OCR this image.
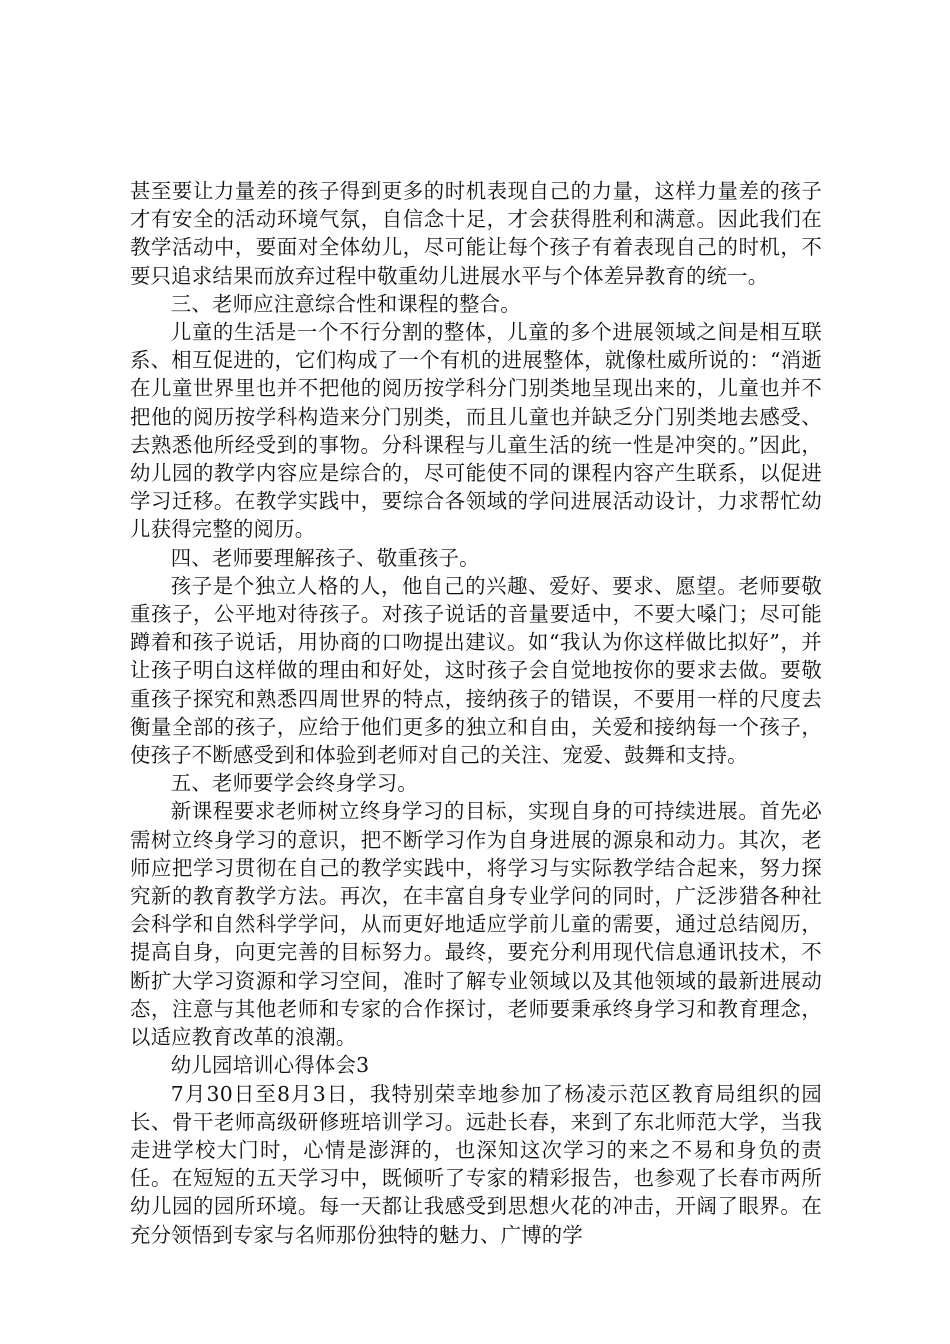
甚至要让力量差的孩子得到更多的时机表现自己的力量，这样力量差的孩子才有安全的活动环境气氛，自信念十足，才会获得胜利和满意。因此我们在教学活动中，要面对全体幼儿，尽可能让每个孩子有着表现自己的时机，不要只追求结果而放弃过程中敬重幼儿进展水平与个体差异教育的统一。

三、老师应注意综合性和课程的整合。

儿童的生活是一个不行分割的整体，儿童的多个进展领域之间是相互联系、相互促进的，它们构成了一个有机的进展整体，就像杜威所说的：“消逝在儿童世界里也并不把他的阅历按学科分门别类地呈现出来的，儿童也并不把他的阅历按学科构造来分门别类，而且儿童也并缺乏分门别类地去感受、去熟悉他所经受到的事物。分科课程与儿童生活的统一性是冲突的。”因此，幼儿园的教学内容应是综合的，尽可能使不同的课程内容产生联系，以促进学习迁移。在教学实践中，要综合各领域的学问进展活动设计，力求帮忙幼儿获得完整的阅历。

四、老师要理解孩子、敬重孩子。

孩子是个独立人格的人，他自己的兴趣、爱好、要求、愿望。老师要敬重孩子，公平地对待孩子。对孩子说话的音量要适中，不要大嗓门；尽可能蹲着和孩子说话，用协商的口吻提出建议。如“我认为你这样做比拟好”，并让孩子明白这样做的理由和好处，这时孩子会自觉地按你的要求去做。要敬重孩子探究和熟悉四周世界的特点，接纳孩子的错误，不要用一样的尺度去衡量全部的孩子，应给于他们更多的独立和自由，关爱和接纳每一个孩子，使孩子不断感受到和体验到老师对自己的关注、宠爱、鼓舞和支持。

五、老师要学会终身学习。

新课程要求老师树立终身学习的目标，实现自身的可持续进展。首先必需树立终身学习的意识，把不断学习作为自身进展的源泉和动力。其次，老师应把学习贯彻在自己的教学实践中，将学习与实际教学结合起来，努力探究新的教育教学方法。再次，在丰富自身专业学问的同时，广泛涉猎各种社会科学和自然科学学问，从而更好地适应学前儿童的需要，通过总结阅历，提高自身，向更完善的目标努力。最终，要充分利用现代信息通讯技术，不断扩大学习资源和学习空间，准时了解专业领域以及其他领域的最新进展动态，注意与其他老师和专家的合作探讨，老师要秉承终身学习和教育理念，以适应教育改革的浪潮。

幼儿园培训心得体会3

7月30日至8月3日，我特别荣幸地参加了杨凌示范区教育局组织的园长、骨干老师高级研修班培训学习。远赴长春，来到了东北师范大学，当我走进学校大门时，心情是澎湃的，也深知这次学习的来之不易和身负的责任。在短短的五天学习中，既倾听了专家的精彩报告，也参观了长春市两所幼儿园的园所环境。每一天都让我感受到思想火花的冲击，开阔了眼界。在充分领悟到专家与名师那份独特的魅力、广博的学
